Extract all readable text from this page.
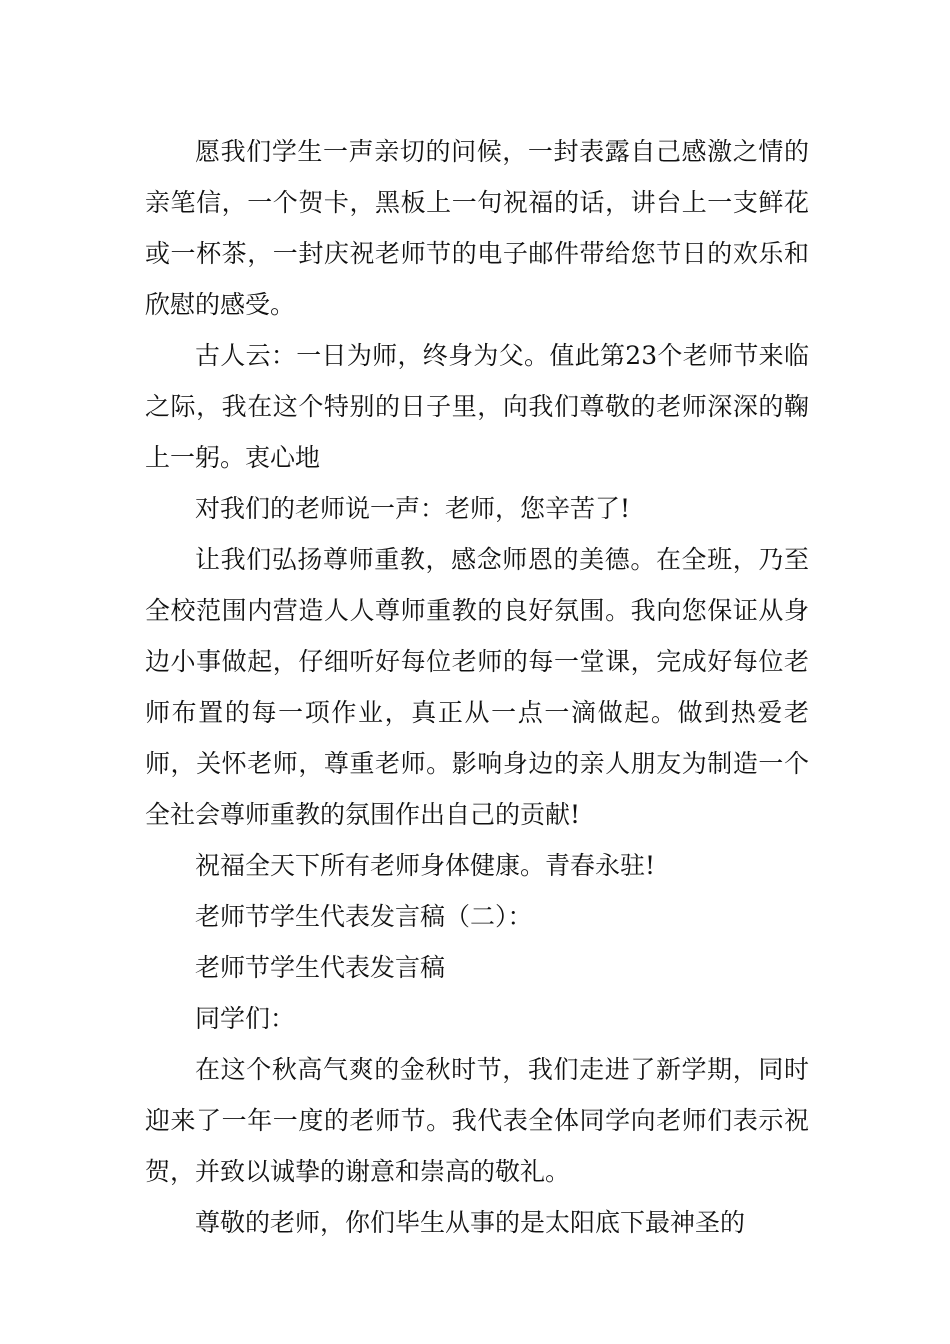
愿我们学生一声亲切的问候，一封表露自己感激之情的亲笔信，一个贺卡，黑板上一句祝福的话，讲台上一支鲜花或一杯茶，一封庆祝老师节的电子邮件带给您节日的欢乐和欣慰的感受。

古人云：一日为师，终身为父。值此第23个老师节来临之际，我在这个特别的日子里，向我们尊敬的老师深深的鞠上一躬。衷心地

对我们的老师说一声：老师，您辛苦了!

让我们弘扬尊师重教，感念师恩的美德。在全班，乃至全校范围内营造人人尊师重教的良好氛围。我向您保证从身边小事做起，仔细听好每位老师的每一堂课，完成好每位老师布置的每一项作业，真正从一点一滴做起。做到热爱老师，关怀老师，尊重老师。影响身边的亲人朋友为制造一个全社会尊师重教的氛围作出自己的贡献!

祝福全天下所有老师身体健康。青春永驻!

老师节学生代表发言稿（二）：

老师节学生代表发言稿

同学们：

在这个秋高气爽的金秋时节，我们走进了新学期，同时迎来了一年一度的老师节。我代表全体同学向老师们表示祝贺，并致以诚挚的谢意和崇高的敬礼。

尊敬的老师，你们毕生从事的是太阳底下最神圣的
